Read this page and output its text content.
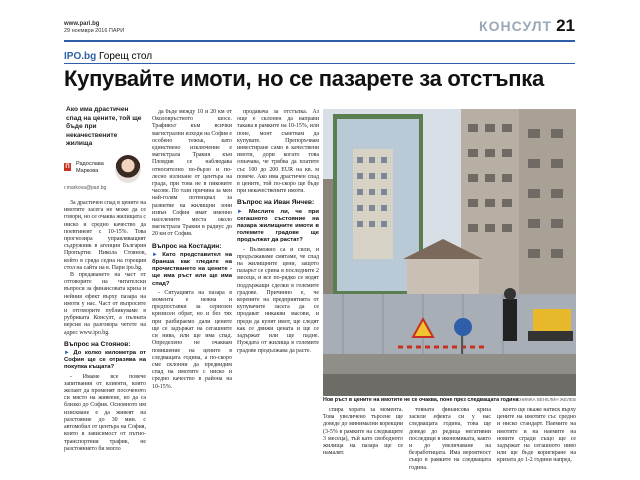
www.pari.bg
29 ноември 2016 ПАРИ	КОНСУЛТ 21
IPO.bg Горещ стол
Купувайте имоти, но се пазарете за отстъпка
Ако има драстичен спад на цените, той ще бъде при некачествените жилища
П Радослава
Маркова
r.markova@pari.bg

За драстичен спад в цените на имотите засега не може да се говори, но се очаква жилищата с ниско и средно качество да поевтинеят с 10-15%. Това прогнозира управляващият съдружник в агенция България Пропъртис Никола Стоянов, който в сряда седна на горещия стол на сайта на в. Пари ipo.bg.

В предаването на част от отговорите на читателски въпроси за финансовата криза и нейния ефект върху пазара на имоти у нас. Част от въпросите и отговорите публикуваме в рубриката Консулт, а пълната версия на разговора четете на адрес www.ipo.bg.

Въпрос на Стоянов:
► До колко километра от София ще се отразява на покупка къщата?

- Имаме все повече запитвания от клиенти, които желаят да променят посоченото си място на живеене, но да са близко до София. Основното им изискване е да живеят на разстояние до 30 мин. с автомобил от центъра на София, които в зависимост от пътно-транспортния трафик, не разстоянието би могло

да бъде между 10 и 20 км от Околовръстното шосе. Трафикът към всички магистрални изходи на София е особено тежък, като единствено изключение е магистрала Тракия към Пловдив се наблюдава относително по-бързо и по-лесно излизане от центъра на града, при това не в пиковите часове. По тази причина за мен най-голям потенциал за развитие на жилищни зони извън София имат именно населените места около магистрала Тракия в радиус до 20 км от София.

Въпрос на Костадин:
► Като представител на бранша как гледате на прочистването на цените - ще има ръст или ще има спад?

- Ситуацията на пазара в момента е нежна и предпоставки за сериозен кризисен обрат, но и без тях при разбираемо дали цените ще се задържат на сегашните си нива, или ще има спад. Определено не очаквам повишение на цените в следващата година, а по-скоро сме склонни да предвидим спад на имотите с ниско и средно качество в района на 10-15%.

продавача за отстъпка. Аз още е склонен да направи такава в рамките на 10-15%, или поне, монт съветвам да купувате. Препоръчвам инвестиране само в качествени имоти, дори когато това означава, че трябва да платите със 100 до 200 EUR на кв. м повече. Ако има драстичен спад в цените, той по-скоро ще бъде при некачествените имоти.

Въпрос на Иван Янчев:
► Мислите ли, че при сегашното състояние на пазара жилищните имоти в големите градове ще продължат да растат?

- Възможно са и сили, и продължаваме смятаме, че спад на жилищните цени, защото пазарът се срина в последните 2 месеца, и все по-рядко се водят поддържащи сделки в големите градове. Причинно е, че корените на предприятията от купувачите засега да се продават никакви масови, и преди да купят имот, ще следят как се движи цената и ще се задържат или ще падне. Нуждата от жилища в големите градове продължава да расте.

Нов ръст в цените на имотите не се очаква, поне през следващата година
СНИМКА ВЕНЕЛИН ЖЕЛЕВ

спира хората за момента. Това увеличено търсене ще доведе до минимални корекции (3-5% в рамките на следващите 3 месеца), тъй като свободното жилища на пазара ще се намалят.

товната финансова криза засили ефекта си у нас следващата година, това ще доведе до редица негативни последици в икономиката, както и до увеличаване на безработицата. Има вероятност също в рамките на следващата година.

което ще окаже натиск върху цените на имотите със средно и ниско стандарт. Наемите на имотите и на наемите на новите сгради също ще се задържат на сегашното ниво или ще бъде коригиране на кризата до 1-2 години напред.
